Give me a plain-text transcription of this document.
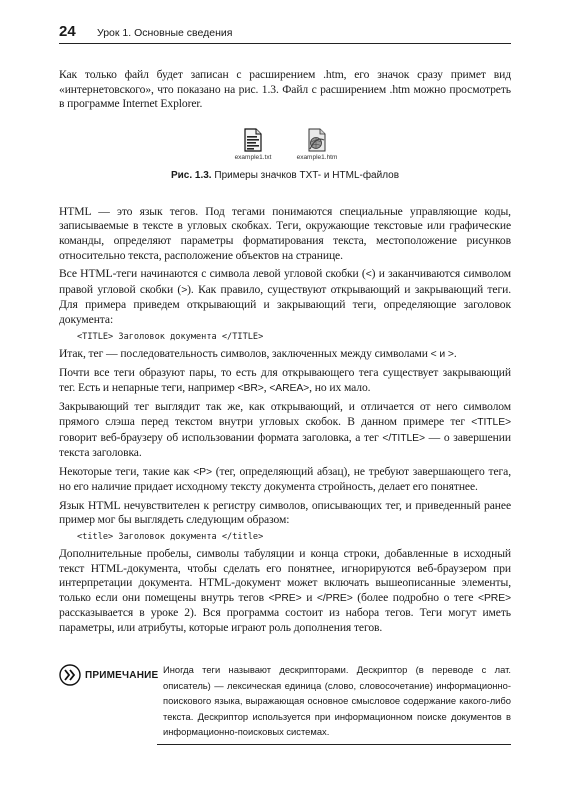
24	Урок 1. Основные сведения

Как только файл будет записан с расширением .htm, его значок сразу примет вид «интернетовского», что показано на рис. 1.3. Файл с расширением .htm можно просмотреть в программе Internet Explorer.

example1.txt	example1.htm
Рис. 1.3. Примеры значков TXT- и HTML-файлов

HTML — это язык тегов. Под тегами понимаются специальные управляющие коды, записываемые в тексте в угловых скобках. Теги, окружающие текстовые или графические команды, определяют параметры форматирования текста, местоположение рисунков относительно текста, расположение объектов на странице.

Все HTML-теги начинаются с символа левой угловой скобки (<) и заканчиваются символом правой угловой скобки (>). Как правило, существуют открывающий и закрывающий теги. Для примера приведем открывающий и закрывающий теги, определяющие заголовок документа:

<TITLE> Заголовок документа </TITLE>

Итак, тег — последовательность символов, заключенных между символами < и >.

Почти все теги образуют пары, то есть для открывающего тега существует закрывающий тег. Есть и непарные теги, например <BR>, <AREA>, но их мало.

Закрывающий тег выглядит так же, как открывающий, и отличается от него символом прямого слэша перед текстом внутри угловых скобок. В данном примере тег <TITLE> говорит веб-браузеру об использовании формата заголовка, а тег </TITLE> — о завершении текста заголовка.

Некоторые теги, такие как <P> (тег, определяющий абзац), не требуют завершающего тега, но его наличие придает исходному тексту документа стройность, делает его понятнее.

Язык HTML нечувствителен к регистру символов, описывающих тег, и приведенный ранее пример мог бы выглядеть следующим образом:

<title> Заголовок документа </title>

Дополнительные пробелы, символы табуляции и конца строки, добавленные в исходный текст HTML-документа, чтобы сделать его понятнее, игнорируются веб-браузером при интерпретации документа. HTML-документ может включать вышеописанные элементы, только если они помещены внутрь тегов <PRE> и </PRE> (более подробно о теге <PRE> рассказывается в уроке 2). Вся программа состоит из набора тегов. Теги могут иметь параметры, или атрибуты, которые играют роль дополнения тегов.

ПРИМЕЧАНИЕ Иногда теги называют дескрипторами. Дескриптор (в переводе с лат. описатель) — лексическая единица (слово, словосочетание) информационно-поискового языка, выражающая основное смысловое содержание какого-либо текста. Дескриптор используется при информационном поиске документов в информационно-поисковых системах.
